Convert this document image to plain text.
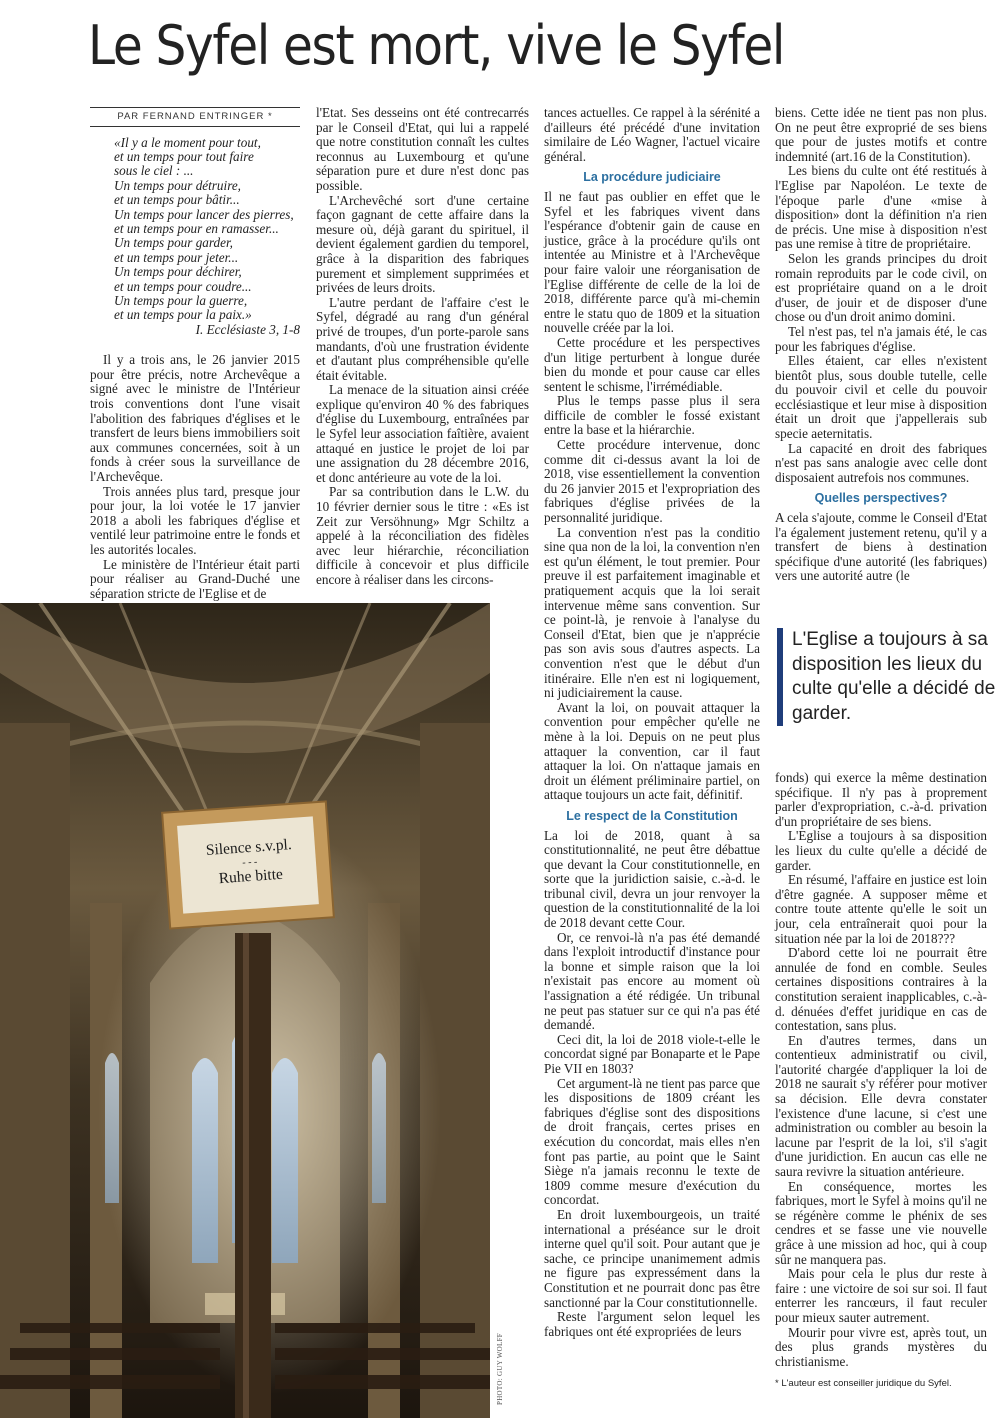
Le Syfel est mort, vive le Syfel
PAR FERNAND ENTRINGER *
«Il y a le moment pour tout,
et un temps pour tout faire
sous le ciel : ...
Un temps pour détruire,
et un temps pour bâtir...
Un temps pour lancer des pierres,
et un temps pour en ramasser...
Un temps pour garder,
et un temps pour jeter...
Un temps pour déchirer,
et un temps pour coudre...
Un temps pour la guerre,
et un temps pour la paix.»
I. Ecclésiaste 3, 1-8

Il y a trois ans, le 26 janvier 2015 pour être précis, notre Archevêque a signé avec le ministre de l'Intérieur trois conventions dont l'une visait l'abolition des fabriques d'églises et le transfert de leurs biens immobiliers soit aux communes concernées, soit à un fonds à créer sous la surveillance de l'Archevêque.

Trois années plus tard, presque jour pour jour, la loi votée le 17 janvier 2018 a aboli les fabriques d'église et ventilé leur patrimoine entre le fonds et les autorités locales.

Le ministère de l'Intérieur était parti pour réaliser au Grand-Duché une séparation stricte de l'Eglise et de

l'Etat. Ses desseins ont été contrecarrés par le Conseil d'Etat, qui lui a rappelé que notre constitution connaît les cultes reconnus au Luxembourg et qu'une séparation pure et dure n'est donc pas possible.

L'Archevêché sort d'une certaine façon gagnant de cette affaire dans la mesure où, déjà garant du spirituel, il devient également gardien du temporel, grâce à la disparition des fabriques purement et simplement supprimées et privées de leurs droits.

L'autre perdant de l'affaire c'est le Syfel, dégradé au rang d'un général privé de troupes, d'un porte-parole sans mandants, d'où une frustration évidente et d'autant plus compréhensible qu'elle était évitable.

La menace de la situation ainsi créée explique qu'environ 40 % des fabriques d'église du Luxembourg, entraînées par le Syfel leur association faîtière, avaient attaqué en justice le projet de loi par une assignation du 28 décembre 2016, et donc antérieure au vote de la loi.

Par sa contribution dans le L.W. du 10 février dernier sous le titre : «Es ist Zeit zur Versöhnung» Mgr Schiltz a appelé à la réconciliation des fidèles avec leur hiérarchie, réconciliation difficile à concevoir et plus difficile encore à réaliser dans les circons-

tances actuelles. Ce rappel à la sérénité a d'ailleurs été précédé d'une invitation similaire de Léo Wagner, l'actuel vicaire général.

La procédure judiciaire

Il ne faut pas oublier en effet que le Syfel et les fabriques vivent dans l'espérance d'obtenir gain de cause en justice, grâce à la procédure qu'ils ont intentée au Ministre et à l'Archevêque pour faire valoir une réorganisation de l'Eglise différente de celle de la loi de 2018, différente parce qu'à mi-chemin entre le statu quo de 1809 et la situation nouvelle créée par la loi.

Cette procédure et les perspectives d'un litige perturbent à longue durée bien du monde et pour cause car elles sentent le schisme, l'irrémédiable.

Plus le temps passe plus il sera difficile de combler le fossé existant entre la base et la hiérarchie.

Cette procédure intervenue, donc comme dit ci-dessus avant la loi de 2018, vise essentiellement la convention du 26 janvier 2015 et l'expropriation des fabriques d'église privées de la personnalité juridique.

La convention n'est pas la conditio sine qua non de la loi, la convention n'en est qu'un élément, le tout premier. Pour preuve il est parfaitement imaginable et pratiquement acquis que la loi serait intervenue même sans convention. Sur ce point-là, je renvoie à l'analyse du Conseil d'Etat, bien que je n'apprécie pas son avis sous d'autres aspects. La convention n'est que le début d'un itinéraire. Elle n'en est ni logiquement, ni judiciairement la cause.

Avant la loi, on pouvait attaquer la convention pour empêcher qu'elle ne mène à la loi. Depuis on ne peut plus attaquer la convention, car il faut attaquer la loi. On n'attaque jamais en droit un élément préliminaire partiel, on attaque toujours un acte fait, définitif.

Le respect de la Constitution

La loi de 2018, quant à sa constitutionnalité, ne peut être débattue que devant la Cour constitutionnelle, en sorte que la juridiction saisie, c.-à-d. le tribunal civil, devra un jour renvoyer la question de la constitutionnalité de la loi de 2018 devant cette Cour.

Or, ce renvoi-là n'a pas été demandé dans l'exploit introductif d'instance pour la bonne et simple raison que la loi n'existait pas encore au moment où l'assignation a été rédigée. Un tribunal ne peut pas statuer sur ce qui n'a pas été demandé.

Ceci dit, la loi de 2018 viole-t-elle le concordat signé par Bonaparte et le Pape Pie VII en 1803?

Cet argument-là ne tient pas parce que les dispositions de 1809 créant les fabriques d'église sont des dispositions de droit français, certes prises en exécution du concordat, mais elles n'en font pas partie, au point que le Saint Siège n'a jamais reconnu le texte de 1809 comme mesure d'exécution du concordat.

En droit luxembourgeois, un traité international a préséance sur le droit interne quel qu'il soit. Pour autant que je sache, ce principe unanimement admis ne figure pas expressément dans la Constitution et ne pourrait donc pas être sanctionné par la Cour constitutionnelle.

Reste l'argument selon lequel les fabriques ont été expropriées de leurs

biens. Cette idée ne tient pas non plus. On ne peut être exproprié de ses biens que pour de justes motifs et contre indemnité (art.16 de la Constitution).

Les biens du culte ont été restitués à l'Eglise par Napoléon. Le texte de l'époque parle d'une «mise à disposition» dont la définition n'a rien de précis. Une mise à disposition n'est pas une remise à titre de propriétaire.

Selon les grands principes du droit romain reproduits par le code civil, on est propriétaire quand on a le droit d'user, de jouir et de disposer d'une chose ou d'un droit animo domini.

Tel n'est pas, tel n'a jamais été, le cas pour les fabriques d'église.

Elles étaient, car elles n'existent bientôt plus, sous double tutelle, celle du pouvoir civil et celle du pouvoir ecclésiastique et leur mise à disposition était un droit que j'appellerais sub specie aeternitatis.

La capacité en droit des fabriques n'est pas sans analogie avec celle dont disposaient autrefois nos communes.

Quelles perspectives?

A cela s'ajoute, comme le Conseil d'Etat l'a également justement retenu, qu'il y a transfert de biens à destination spécifique d'une autorité (les fabriques) vers une autorité autre (le

L'Eglise a toujours à sa disposition les lieux du culte qu'elle a décidé de garder.

fonds) qui exerce la même destination spécifique. Il n'y pas à proprement parler d'expropriation, c.-à-d. privation d'un propriétaire de ses biens.

L'Eglise a toujours à sa disposition les lieux du culte qu'elle a décidé de garder.

En résumé, l'affaire en justice est loin d'être gagnée. A supposer même et contre toute attente qu'elle le soit un jour, cela entraînerait quoi pour la situation née par la loi de 2018???

D'abord cette loi ne pourrait être annulée de fond en comble. Seules certaines dispositions contraires à la constitution seraient inapplicables, c.-à-d. dénuées d'effet juridique en cas de contestation, sans plus.

En d'autres termes, dans un contentieux administratif ou civil, l'autorité chargée d'appliquer la loi de 2018 ne saurait s'y référer pour motiver sa décision. Elle devra constater l'existence d'une lacune, si c'est une administration ou combler au besoin la lacune par l'esprit de la loi, s'il s'agit d'une juridiction. En aucun cas elle ne saura revivre la situation antérieure.

En conséquence, mortes les fabriques, mort le Syfel à moins qu'il ne se régénère comme le phénix de ses cendres et se fasse une vie nouvelle grâce à une mission ad hoc, qui à coup sûr ne manquera pas.

Mais pour cela le plus dur reste à faire : une victoire de soi sur soi. Il faut enterrer les rancœurs, il faut reculer pour mieux sauter autrement.

Mourir pour vivre est, après tout, un des plus grands mystères du christianisme.

* L'auteur est conseiller juridique du Syfel.
Silence s.v.pl.
- - -
Ruhe bitte
PHOTO: GUY WOLFF
